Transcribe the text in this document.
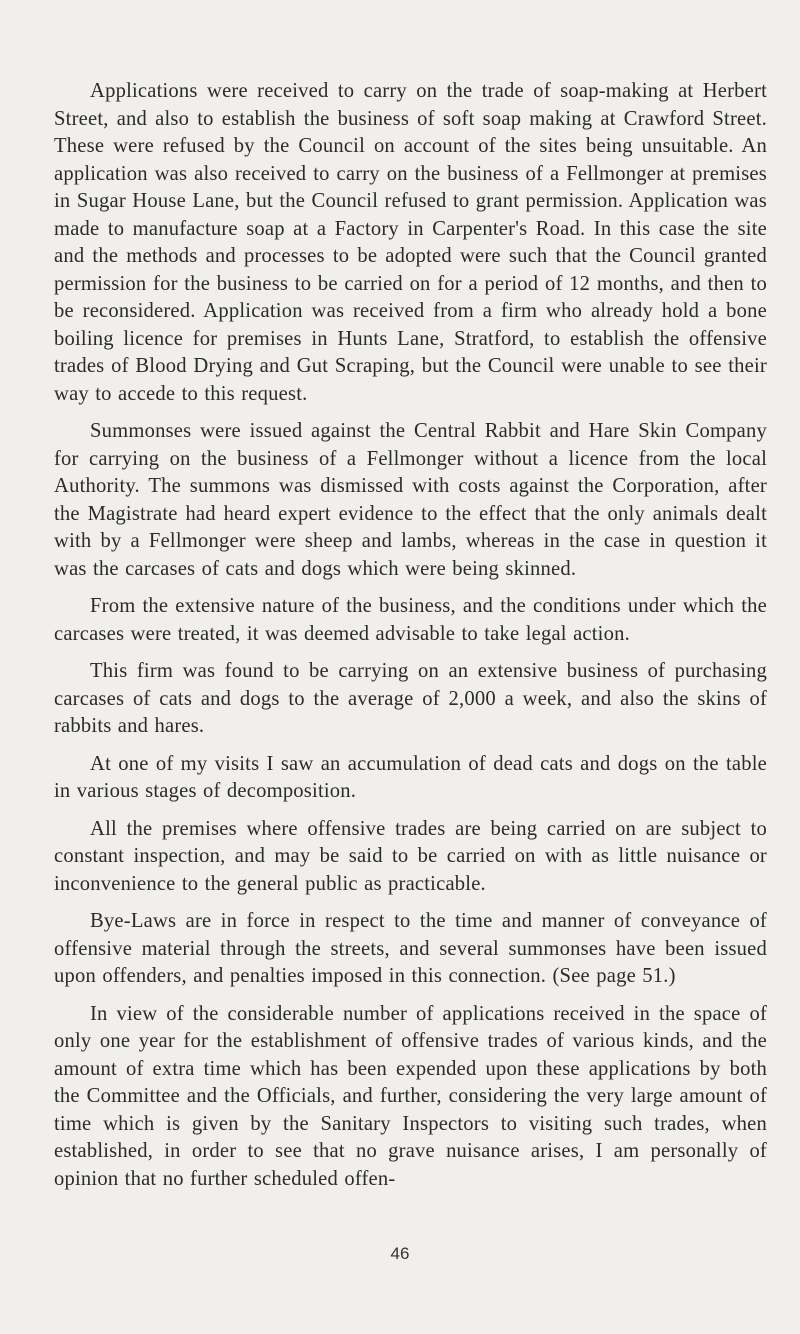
Applications were received to carry on the trade of soap-making at Herbert Street, and also to establish the business of soft soap making at Crawford Street. These were refused by the Council on account of the sites being unsuitable. An application was also received to carry on the business of a Fellmonger at premises in Sugar House Lane, but the Council refused to grant permission. Application was made to manufacture soap at a Factory in Carpenter's Road. In this case the site and the methods and processes to be adopted were such that the Council granted permission for the business to be carried on for a period of 12 months, and then to be reconsidered. Application was received from a firm who already hold a bone boiling licence for premises in Hunts Lane, Stratford, to establish the offensive trades of Blood Drying and Gut Scraping, but the Council were unable to see their way to accede to this request.

Summonses were issued against the Central Rabbit and Hare Skin Company for carrying on the business of a Fellmonger without a licence from the local Authority. The summons was dismissed with costs against the Corporation, after the Magistrate had heard expert evidence to the effect that the only animals dealt with by a Fellmonger were sheep and lambs, whereas in the case in question it was the carcases of cats and dogs which were being skinned.

From the extensive nature of the business, and the conditions under which the carcases were treated, it was deemed advisable to take legal action.

This firm was found to be carrying on an extensive business of purchasing carcases of cats and dogs to the average of 2,000 a week, and also the skins of rabbits and hares.

At one of my visits I saw an accumulation of dead cats and dogs on the table in various stages of decomposition.

All the premises where offensive trades are being carried on are subject to constant inspection, and may be said to be carried on with as little nuisance or inconvenience to the general public as practicable.

Bye-Laws are in force in respect to the time and manner of conveyance of offensive material through the streets, and several summonses have been issued upon offenders, and penalties imposed in this connection. (See page 51.)

In view of the considerable number of applications received in the space of only one year for the establishment of offensive trades of various kinds, and the amount of extra time which has been expended upon these applications by both the Committee and the Officials, and further, considering the very large amount of time which is given by the Sanitary Inspectors to visiting such trades, when established, in order to see that no grave nuisance arises, I am personally of opinion that no further scheduled offen-

46
